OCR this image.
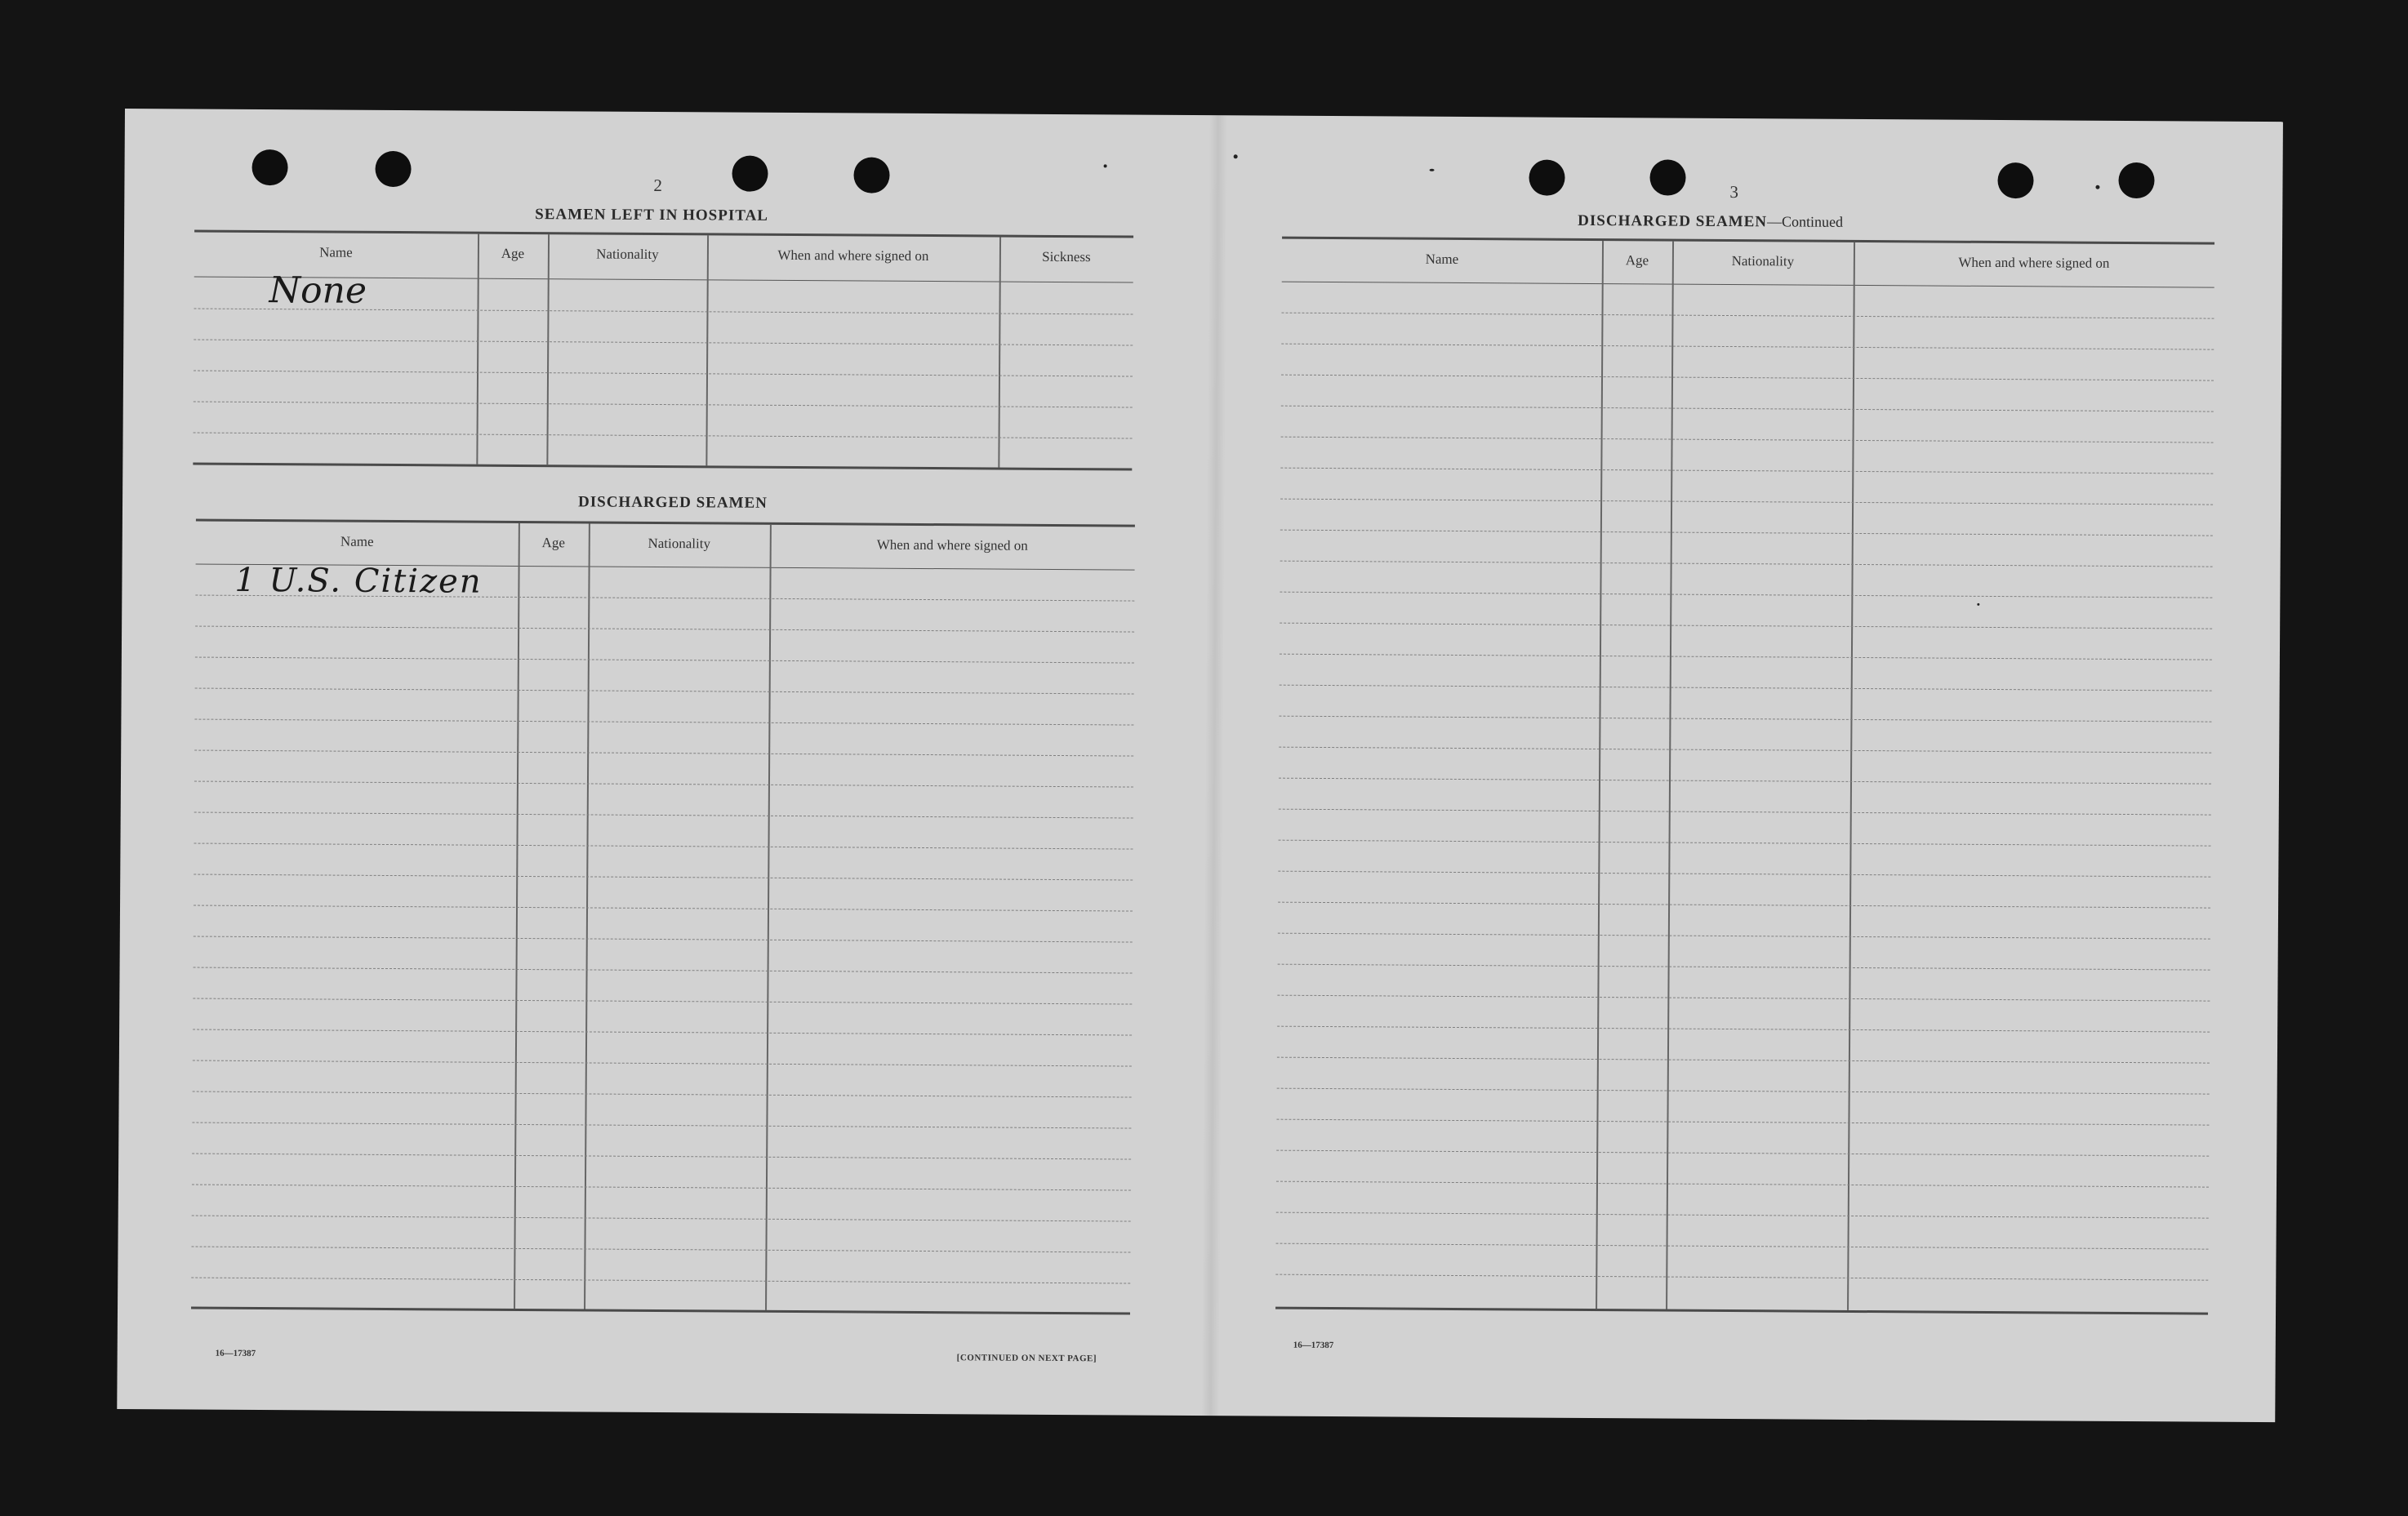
2
SEAMEN LEFT IN HOSPITAL
Name	Age	Nationality	When and where signed on	Sickness
None
DISCHARGED SEAMEN
Name	Age	Nationality	When and where signed on
1 U.S. Citizen
16—17387	[CONTINUED ON NEXT PAGE]
3
DISCHARGED SEAMEN—Continued
Name	Age	Nationality	When and where signed on
16—17387
